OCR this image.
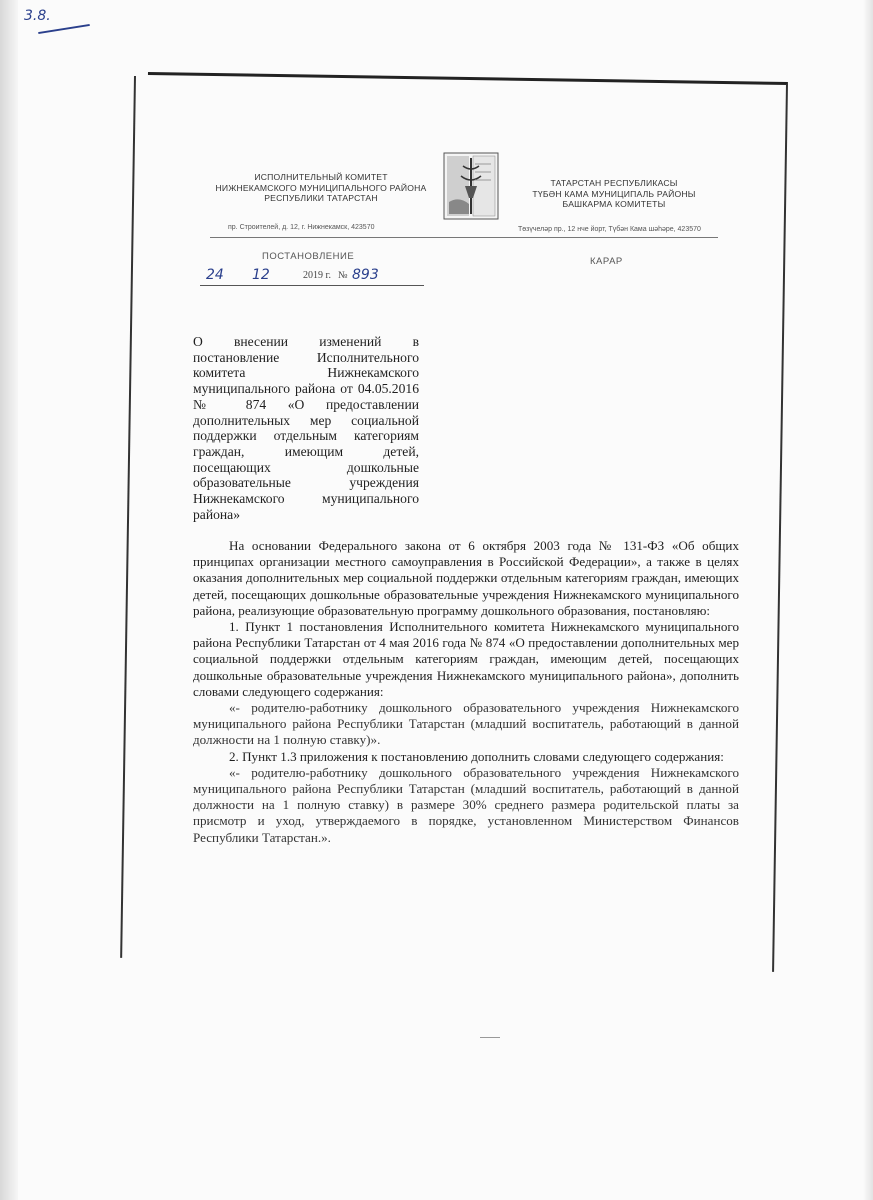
3.8.
ИСПОЛНИТЕЛЬНЫЙ КОМИТЕТ
НИЖНЕКАМСКОГО МУНИЦИПАЛЬНОГО РАЙОНА
РЕСПУБЛИКИ ТАТАРСТАН
ТАТАРСТАН РЕСПУБЛИКАСЫ
ТҮБӘН КАМА МУНИЦИПАЛЬ РАЙОНЫ
БАШКАРМА КОМИТЕТЫ
пр. Строителей, д. 12, г. Нижнекамск, 423570	Төзүчеләр пр., 12 нче йорт, Түбән Кама шәһәре, 423570
ПОСТАНОВЛЕНИЕ	КАРАР
24 12	2019 г. № 893
О внесении изменений в постановление Исполнительного комитета Нижнекамского муниципального района от 04.05.2016 № 874 «О предоставлении дополнительных мер социальной поддержки отдельным категориям граждан, имеющим детей, посещающих дошкольные образовательные учреждения Нижнекамского муниципального района»

На основании Федерального закона от 6 октября 2003 года № 131-ФЗ «Об общих принципах организации местного самоуправления в Российской Федерации», а также в целях оказания дополнительных мер социальной поддержки отдельным категориям граждан, имеющих детей, посещающих дошкольные образовательные учреждения Нижнекамского муниципального района, реализующие образовательную программу дошкольного образования, постановляю:

1. Пункт 1 постановления Исполнительного комитета Нижнекамского муниципального района Республики Татарстан от 4 мая 2016 года № 874 «О предоставлении дополнительных мер социальной поддержки отдельным категориям граждан, имеющим детей, посещающих дошкольные образовательные учреждения Нижнекамского муниципального района», дополнить словами следующего содержания:

«- родителю-работнику дошкольного образовательного учреждения Нижнекамского муниципального района Республики Татарстан (младший воспитатель, работающий в данной должности на 1 полную ставку)».

2. Пункт 1.3 приложения к постановлению дополнить словами следующего содержания:

«- родителю-работнику дошкольного образовательного учреждения Нижнекамского муниципального района Республики Татарстан (младший воспитатель, работающий в данной должности на 1 полную ставку) в размере 30% среднего размера родительской платы за присмотр и уход, утверждаемого в порядке, установленном Министерством Финансов Республики Татарстан.».
